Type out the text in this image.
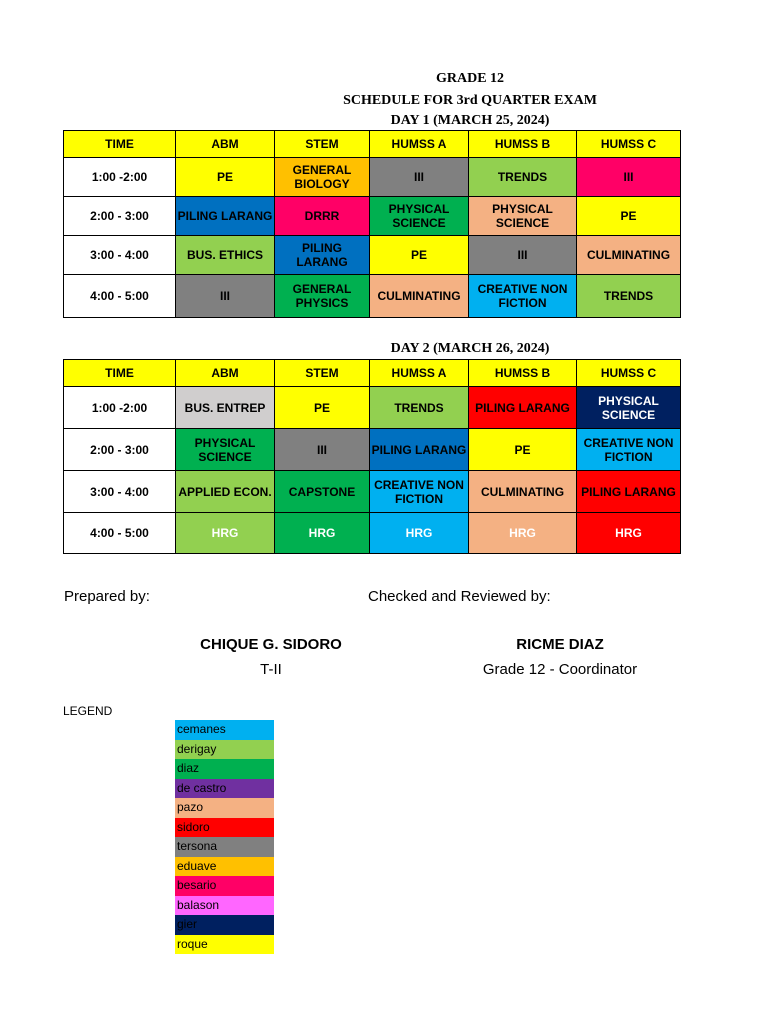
GRADE 12
SCHEDULE FOR 3rd QUARTER EXAM
DAY 1 (MARCH 25, 2024)
TIME	ABM	STEM	HUMSS A	HUMSS B	HUMSS C
1:00 -2:00	PE	GENERAL BIOLOGY	III	TRENDS	III
2:00 - 3:00	PILING LARANG	DRRR	PHYSICAL SCIENCE	PHYSICAL SCIENCE	PE
3:00 - 4:00	BUS. ETHICS	PILING LARANG	PE	III	CULMINATING
4:00 - 5:00	III	GENERAL PHYSICS	CULMINATING	CREATIVE NON FICTION	TRENDS
DAY 2 (MARCH 26, 2024)
TIME	ABM	STEM	HUMSS A	HUMSS B	HUMSS C
1:00 -2:00	BUS. ENTREP	PE	TRENDS	PILING LARANG	PHYSICAL SCIENCE
2:00 - 3:00	PHYSICAL SCIENCE	III	PILING LARANG	PE	CREATIVE NON FICTION
3:00 - 4:00	APPLIED ECON.	CAPSTONE	CREATIVE NON FICTION	CULMINATING	PILING LARANG
4:00 - 5:00	HRG	HRG	HRG	HRG	HRG
Prepared by:	Checked and Reviewed by:
CHIQUE G. SIDORO
T-II
RICME DIAZ
Grade 12 - Coordinator
LEGEND
cemanes
derigay
diaz
de castro
pazo
sidoro
tersona
eduave
besario
balason
gier
roque
